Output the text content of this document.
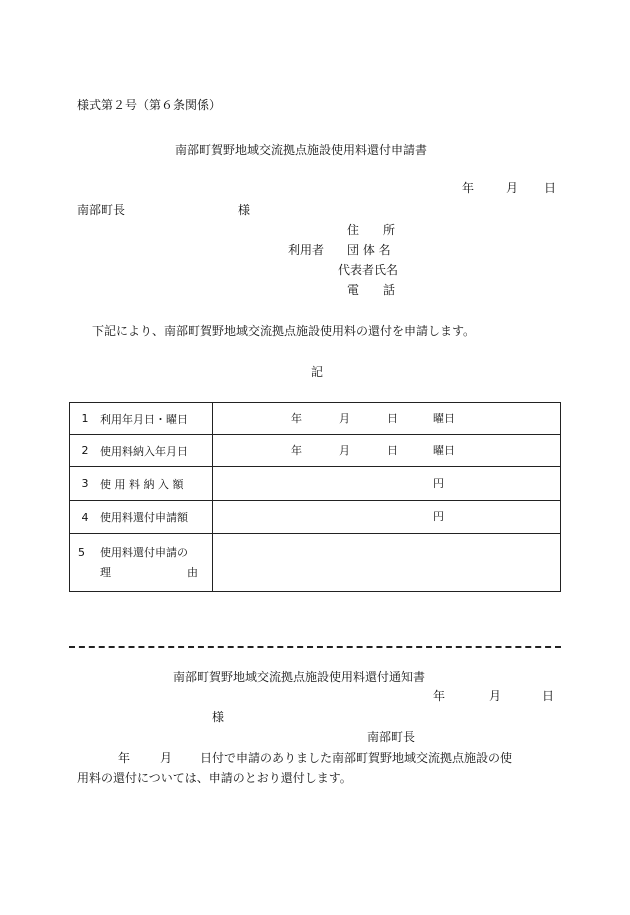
様式第２号（第６条関係）
南部町賀野地域交流拠点施設使用料還付申請書
年	月 日
南部町長	様
住　　所
利用者 団 体 名
代表者氏名
電　　話
下記により、南部町賀野地域交流拠点施設使用料の還付を申請します。
記
1 利用年月日・曜日	年 月 日 曜日

2 使用料納入年月日	年 月 日 曜日

3 使 用 料 納 入 額	円

4 使用料還付申請額	円

5 使用料還付申請の
理 由	

南部町賀野地域交流拠点施設使用料還付通知書
年	月	日
様
南部町長
年 月 日付で申請のありました南部町賀野地域交流拠点施設の使
用料の還付については、申請のとおり還付します。
